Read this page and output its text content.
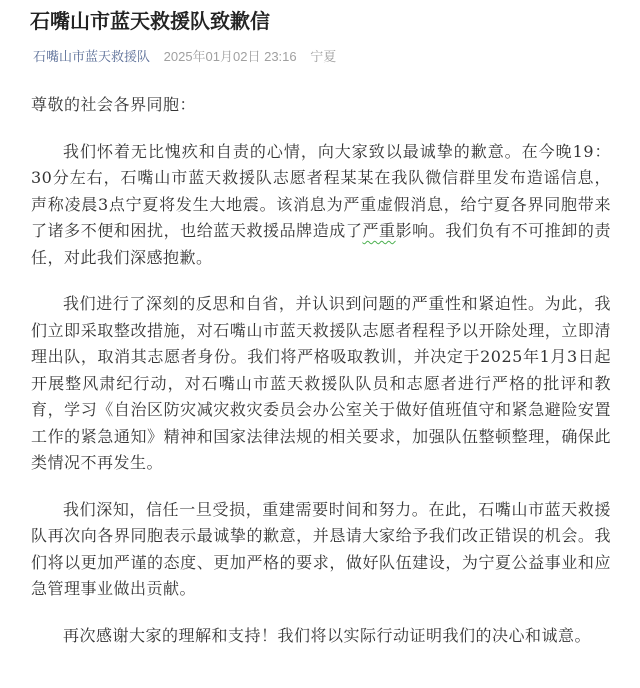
石嘴山市蓝天救援队致歉信
石嘴山市蓝天救援队 2025年01月02日 23:16 宁夏

尊敬的社会各界同胞：

我们怀着无比愧疚和自责的心情，向大家致以最诚挚的歉意。在今晚19：30分左右，石嘴山市蓝天救援队志愿者程某某在我队微信群里发布造谣信息，声称凌晨3点宁夏将发生大地震。该消息为严重虚假消息，给宁夏各界同胞带来了诸多不便和困扰，也给蓝天救援品牌造成了严重影响。我们负有不可推卸的责任，对此我们深感抱歉。

我们进行了深刻的反思和自省，并认识到问题的严重性和紧迫性。为此，我们立即采取整改措施，对石嘴山市蓝天救援队志愿者程程予以开除处理，立即清理出队，取消其志愿者身份。我们将严格吸取教训，并决定于2025年1月3日起开展整风肃纪行动，对石嘴山市蓝天救援队队员和志愿者进行严格的批评和教育，学习《自治区防灾减灾救灾委员会办公室关于做好值班值守和紧急避险安置工作的紧急通知》精神和国家法律法规的相关要求，加强队伍整顿整理，确保此类情况不再发生。

我们深知，信任一旦受损，重建需要时间和努力。在此，石嘴山市蓝天救援队再次向各界同胞表示最诚挚的歉意，并恳请大家给予我们改正错误的机会。我们将以更加严谨的态度、更加严格的要求，做好队伍建设，为宁夏公益事业和应急管理事业做出贡献。

再次感谢大家的理解和支持！我们将以实际行动证明我们的决心和诚意。
